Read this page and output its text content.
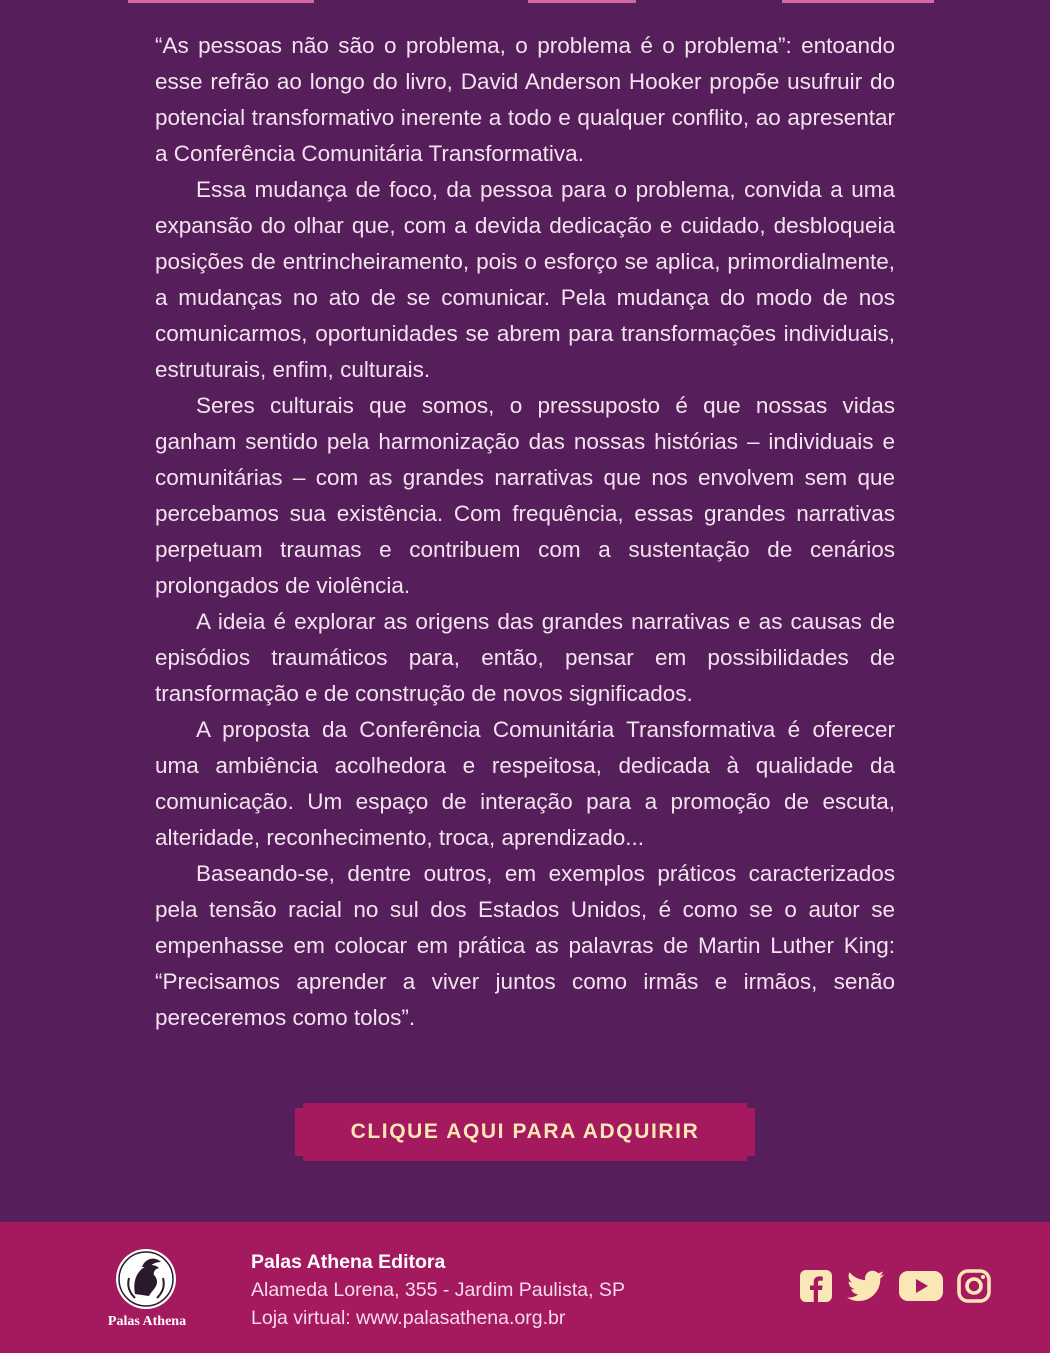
“As pessoas não são o problema, o problema é o problema”: entoando esse refrão ao longo do livro, David Anderson Hooker propõe usufruir do potencial transformativo inerente a todo e qualquer conflito, ao apresentar a Conferência Comunitária Transformativa.

Essa mudança de foco, da pessoa para o problema, convida a uma expansão do olhar que, com a devida dedicação e cuidado, desbloqueia posições de entrincheiramento, pois o esforço se aplica, primordialmente, a mudanças no ato de se comunicar. Pela mudança do modo de nos comunicarmos, oportunidades se abrem para transformações individuais, estruturais, enfim, culturais.

Seres culturais que somos, o pressuposto é que nossas vidas ganham sentido pela harmonização das nossas histórias – individuais e comunitárias – com as grandes narrativas que nos envolvem sem que percebamos sua existência. Com frequência, essas grandes narrativas perpetuam traumas e contribuem com a sustentação de cenários prolongados de violência.

A ideia é explorar as origens das grandes narrativas e as causas de episódios traumáticos para, então, pensar em possibilidades de transformação e de construção de novos significados.

A proposta da Conferência Comunitária Transformativa é oferecer uma ambiência acolhedora e respeitosa, dedicada à qualidade da comunicação. Um espaço de interação para a promoção de escuta, alteridade, reconhecimento, troca, aprendizado...

Baseando-se, dentre outros, em exemplos práticos caracterizados pela tensão racial no sul dos Estados Unidos, é como se o autor se empenhasse em colocar em prática as palavras de Martin Luther King: “Precisamos aprender a viver juntos como irmãs e irmãos, senão pereceremos como tolos”.

CLIQUE AQUI PARA ADQUIRIR
Palas Athena
Palas Athena Editora
Alameda Lorena, 355 - Jardim Paulista, SP
Loja virtual: www.palasathena.org.br
